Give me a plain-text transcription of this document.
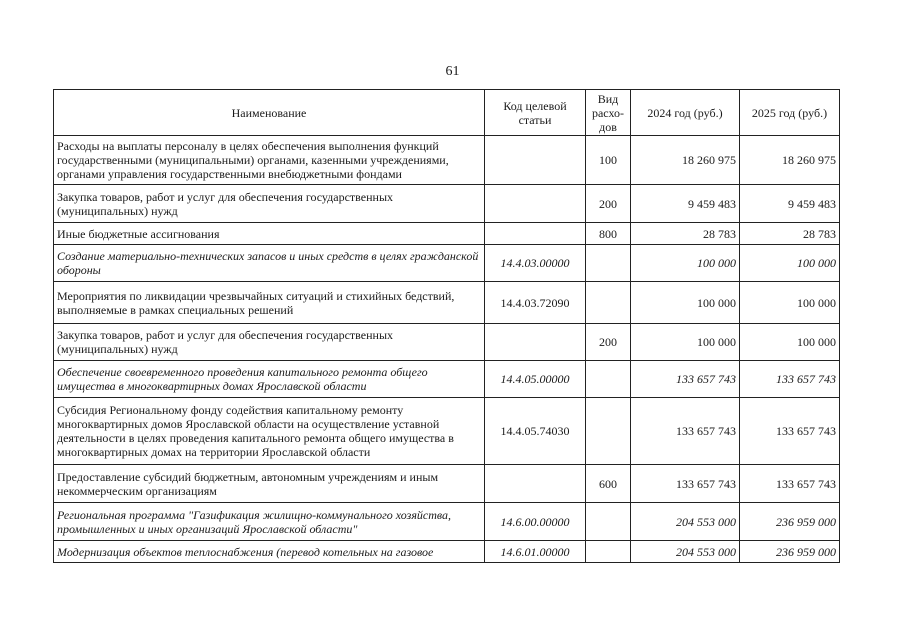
61
Наименование	Код целевой статьи	Вид расхо-дов	2024 год (руб.)	2025 год (руб.)
Расходы на выплаты персоналу в целях обеспечения выполнения функций государственными (муниципальными) органами, казенными учреждениями, органами управления государственными внебюджетными фондами		100	18 260 975	18 260 975
Закупка товаров, работ и услуг для обеспечения государственных (муниципальных) нужд		200	9 459 483	9 459 483
Иные бюджетные ассигнования		800	28 783	28 783
Создание материально-технических запасов и иных средств в целях гражданской обороны	14.4.03.00000		100 000	100 000
Мероприятия по ликвидации чрезвычайных ситуаций и стихийных бедствий, выполняемые в рамках специальных решений	14.4.03.72090		100 000	100 000
Закупка товаров, работ и услуг для обеспечения государственных (муниципальных) нужд		200	100 000	100 000
Обеспечение своевременного проведения капитального ремонта общего имущества в многоквартирных домах Ярославской области	14.4.05.00000		133 657 743	133 657 743
Субсидия Региональному фонду содействия капитальному ремонту многоквартирных домов Ярославской области на осуществление уставной деятельности в целях проведения капитального ремонта общего имущества в многоквартирных домах на территории Ярославской области	14.4.05.74030		133 657 743	133 657 743
Предоставление субсидий бюджетным, автономным учреждениям и иным некоммерческим организациям		600	133 657 743	133 657 743
Региональная программа "Газификация жилищно-коммунального хозяйства, промышленных и иных организаций Ярославской области"	14.6.00.00000		204 553 000	236 959 000
Модернизация объектов теплоснабжения (перевод котельных на газовое	14.6.01.00000		204 553 000	236 959 000
